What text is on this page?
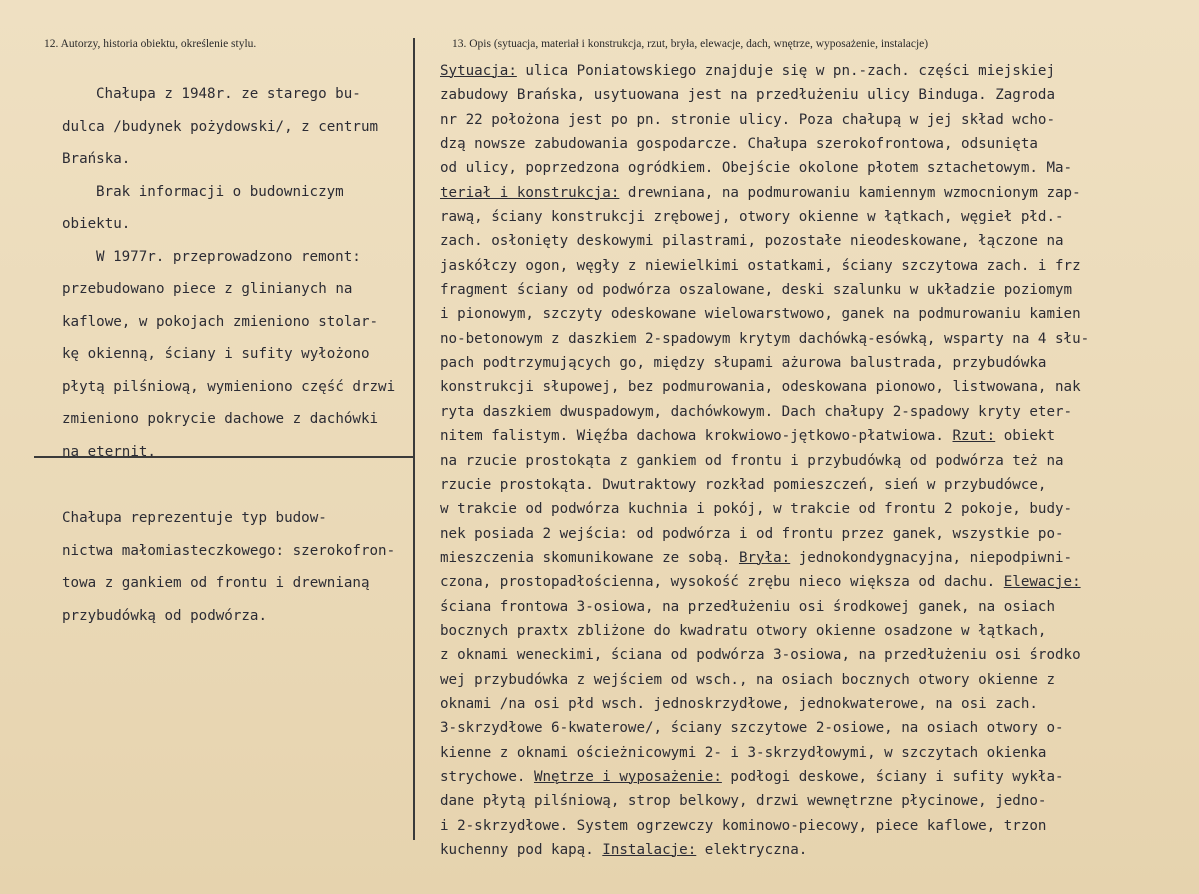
12. Autorzy, historia obiektu, określenie stylu.	13. Opis (sytuacja, materiał i konstrukcja, rzut, bryła, elewacje, dach, wnętrze, wyposażenie, instalacje)

Chałupa z 1948r. ze starego bu-

dulca /budynek pożydowski/, z centrum

Brańska.

Brak informacji o budowniczym

obiektu.

W 1977r. przeprowadzono remont:

przebudowano piece z glinianych na

kaflowe, w pokojach zmieniono stolar-

kę okienną, ściany i sufity wyłożono

płytą pilśniową, wymieniono część drzwi

zmieniono pokrycie dachowe z dachówki

na eternit.

Chałupa reprezentuje typ budow-

nictwa małomiasteczkowego: szerokofron-

towa z gankiem od frontu i drewnianą

przybudówką od podwórza.

Sytuacja: ulica Poniatowskiego znajduje się w pn.-zach. części miejskiej
zabudowy Brańska, usytuowana jest na przedłużeniu ulicy Binduga. Zagroda
nr 22 położona jest po pn. stronie ulicy. Poza chałupą w jej skład wcho-
dzą nowsze zabudowania gospodarcze. Chałupa szerokofrontowa, odsunięta
od ulicy, poprzedzona ogródkiem. Obejście okolone płotem sztachetowym. Ma-
teriał i konstrukcja: drewniana, na podmurowaniu kamiennym wzmocnionym zap-
rawą, ściany konstrukcji zrębowej, otwory okienne w łątkach, węgieł płd.-
zach. osłonięty deskowymi pilastrami, pozostałe nieodeskowane, łączone na
jaskółczy ogon, węgły z niewielkimi ostatkami, ściany szczytowa zach. i frz
fragment ściany od podwórza oszalowane, deski szalunku w układzie poziomym
i pionowym, szczyty odeskowane wielowarstwowo, ganek na podmurowaniu kamien
no-betonowym z daszkiem 2-spadowym krytym dachówką-esówką, wsparty na 4 słu-
pach podtrzymujących go, między słupami ażurowa balustrada, przybudówka
konstrukcji słupowej, bez podmurowania, odeskowana pionowo, listwowana, nak
ryta daszkiem dwuspadowym, dachówkowym. Dach chałupy 2-spadowy kryty eter-
nitem falistym. Więźba dachowa krokwiowo-jętkowo-płatwiowa. Rzut: obiekt
na rzucie prostokąta z gankiem od frontu i przybudówką od podwórza też na
rzucie prostokąta. Dwutraktowy rozkład pomieszczeń, sień w przybudówce,
w trakcie od podwórza kuchnia i pokój, w trakcie od frontu 2 pokoje, budy-
nek posiada 2 wejścia: od podwórza i od frontu przez ganek, wszystkie po-
mieszczenia skomunikowane ze sobą. Bryła: jednokondygnacyjna, niepodpiwni-
czona, prostopadłościenna, wysokość zrębu nieco większa od dachu. Elewacje:
ściana frontowa 3-osiowa, na przedłużeniu osi środkowej ganek, na osiach
bocznych praxtx zbliżone do kwadratu otwory okienne osadzone w łątkach,
z oknami weneckimi, ściana od podwórza 3-osiowa, na przedłużeniu osi środko
wej przybudówka z wejściem od wsch., na osiach bocznych otwory okienne z
oknami /na osi płd wsch. jednoskrzydłowe, jednokwaterowe, na osi zach.
3-skrzydłowe 6-kwaterowe/, ściany szczytowe 2-osiowe, na osiach otwory o-
kienne z oknami ościeżnicowymi 2- i 3-skrzydłowymi, w szczytach okienka
strychowe. Wnętrze i wyposażenie: podłogi deskowe, ściany i sufity wykła-
dane płytą pilśniową, strop belkowy, drzwi wewnętrzne płycinowe, jedno-
i 2-skrzydłowe. System ogrzewczy kominowo-piecowy, piece kaflowe, trzon
kuchenny pod kapą. Instalacje: elektryczna.
